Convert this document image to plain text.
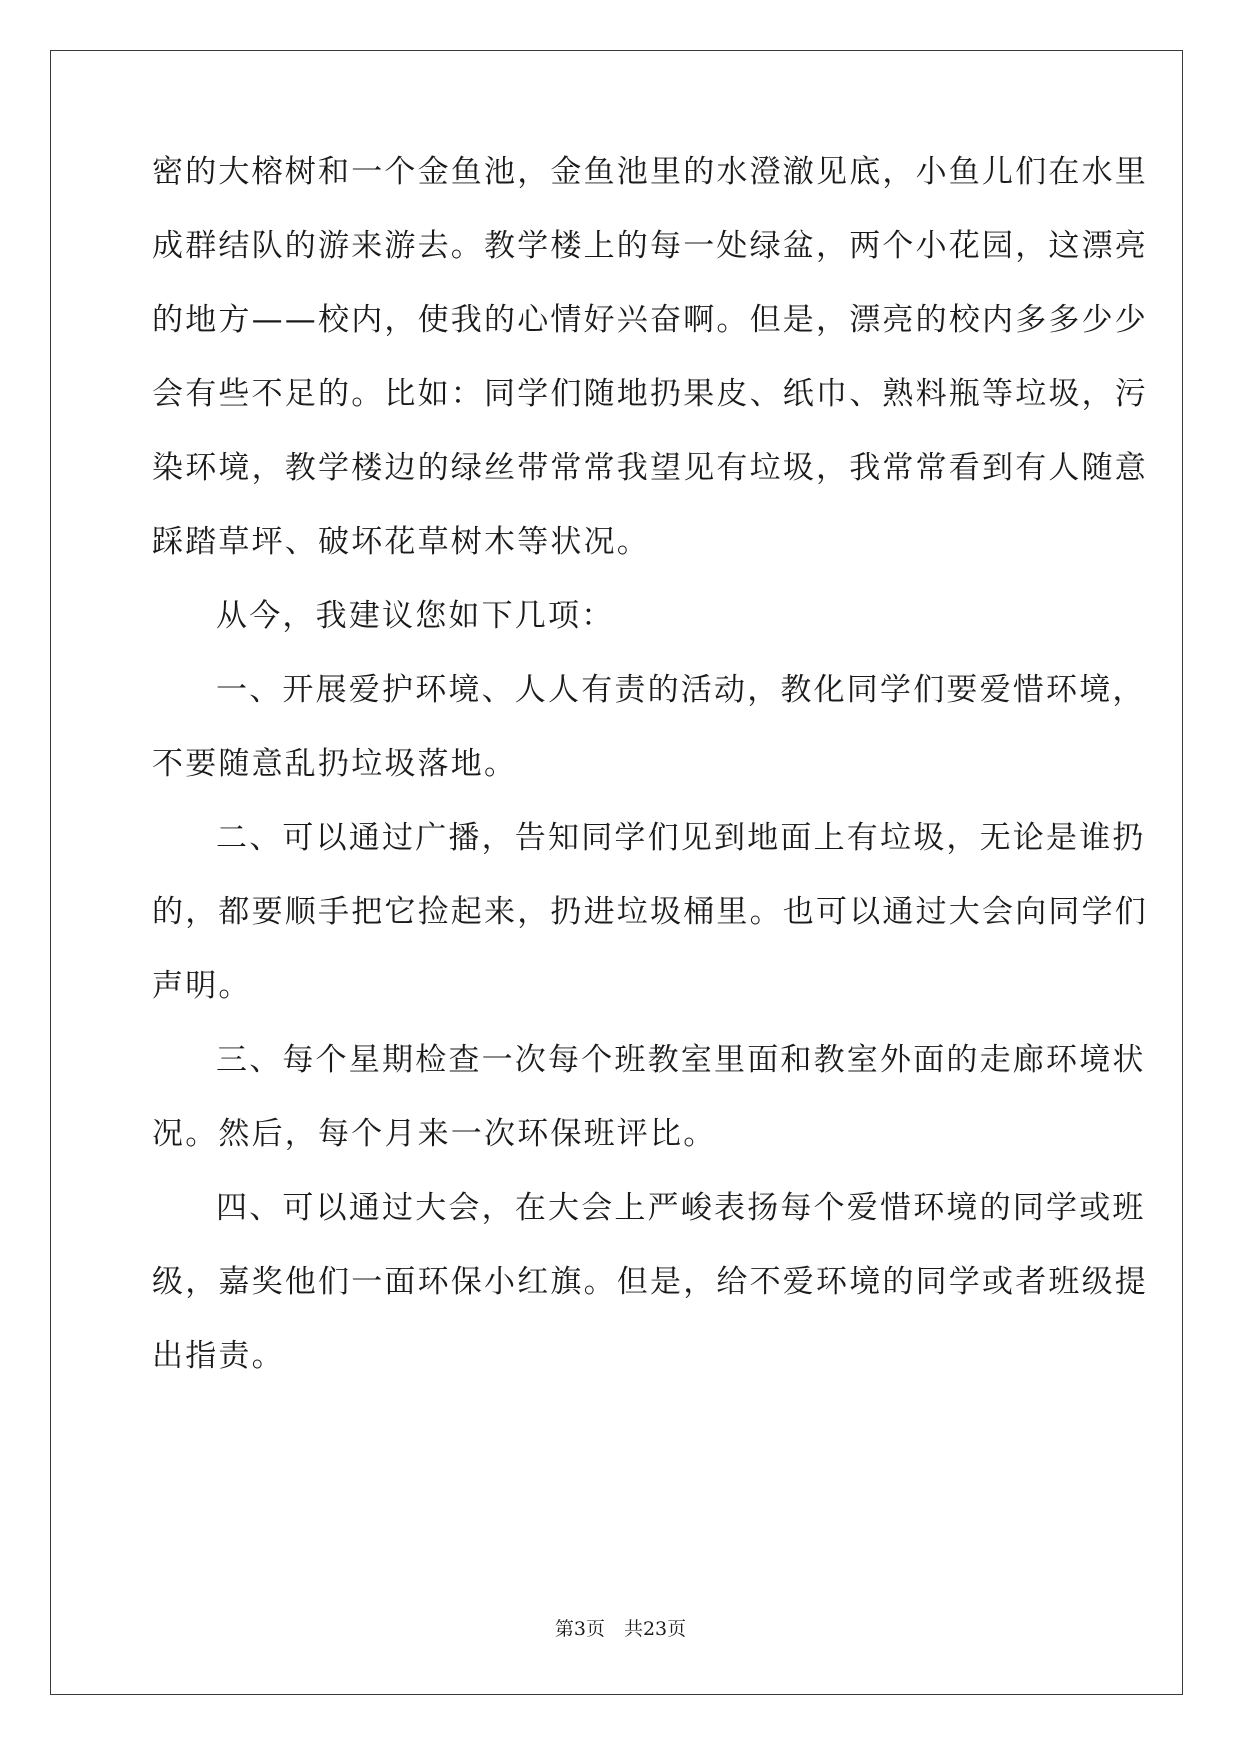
密的大榕树和一个金鱼池，金鱼池里的水澄澈见底，小鱼儿们在水里

成群结队的游来游去。教学楼上的每一处绿盆，两个小花园，这漂亮

的地方——校内，使我的心情好兴奋啊。但是，漂亮的校内多多少少

会有些不足的。比如：同学们随地扔果皮、纸巾、熟料瓶等垃圾，污

染环境，教学楼边的绿丝带常常我望见有垃圾，我常常看到有人随意

踩踏草坪、破坏花草树木等状况。

从今，我建议您如下几项：

一、开展爱护环境、人人有责的活动，教化同学们要爱惜环境，

不要随意乱扔垃圾落地。

二、可以通过广播，告知同学们见到地面上有垃圾，无论是谁扔

的，都要顺手把它捡起来，扔进垃圾桶里。也可以通过大会向同学们

声明。

三、每个星期检查一次每个班教室里面和教室外面的走廊环境状

况。然后，每个月来一次环保班评比。

四、可以通过大会，在大会上严峻表扬每个爱惜环境的同学或班

级，嘉奖他们一面环保小红旗。但是，给不爱环境的同学或者班级提

出指责。

第3页　共23页
